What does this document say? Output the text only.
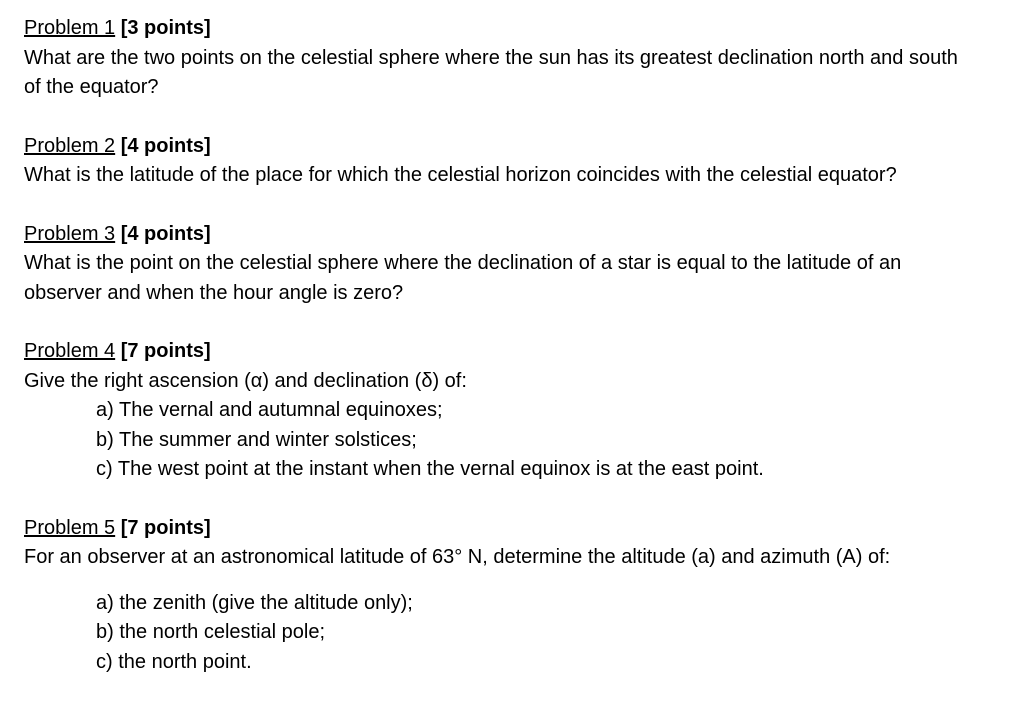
Problem 1 [3 points]
What are the two points on the celestial sphere where the sun has its greatest declination north and south of the equator?
Problem 2 [4 points]
What is the latitude of the place for which the celestial horizon coincides with the celestial equator?
Problem 3 [4 points]
What is the point on the celestial sphere where the declination of a star is equal to the latitude of an observer and when the hour angle is zero?
Problem 4 [7 points]
Give the right ascension (α) and declination (δ) of:
a) The vernal and autumnal equinoxes;
b) The summer and winter solstices;
c) The west point at the instant when the vernal equinox is at the east point.
Problem 5 [7 points]
For an observer at an astronomical latitude of 63° N, determine the altitude (a) and azimuth (A) of:
a) the zenith (give the altitude only);
b) the north celestial pole;
c) the north point.
